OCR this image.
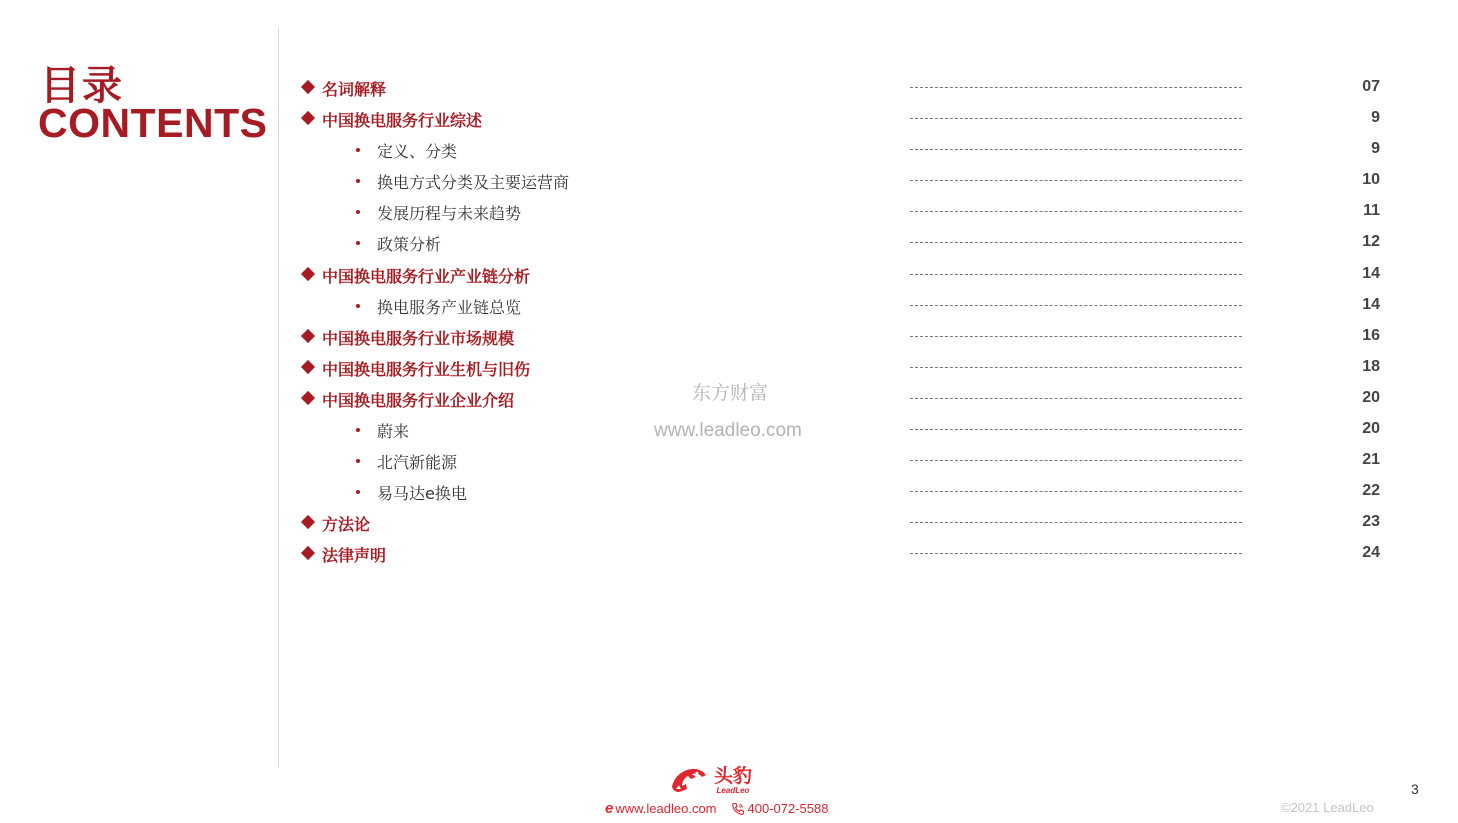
目录
CONTENTS
名词解释	07
中国换电服务行业综述	9
定义、分类	9
换电方式分类及主要运营商	10
发展历程与未来趋势	11
政策分析	12
中国换电服务行业产业链分析	14
换电服务产业链总览	14
中国换电服务行业市场规模	16
中国换电服务行业生机与旧伤	18
中国换电服务行业企业介绍	20
蔚来	20
北汽新能源	21
易马达e换电	22
方法论	23
法律声明	24
东方财富
www.leadleo.com
头豹
LeadLeo
e www.leadleo.com 400-072-5588	©2021 LeadLeo
3
